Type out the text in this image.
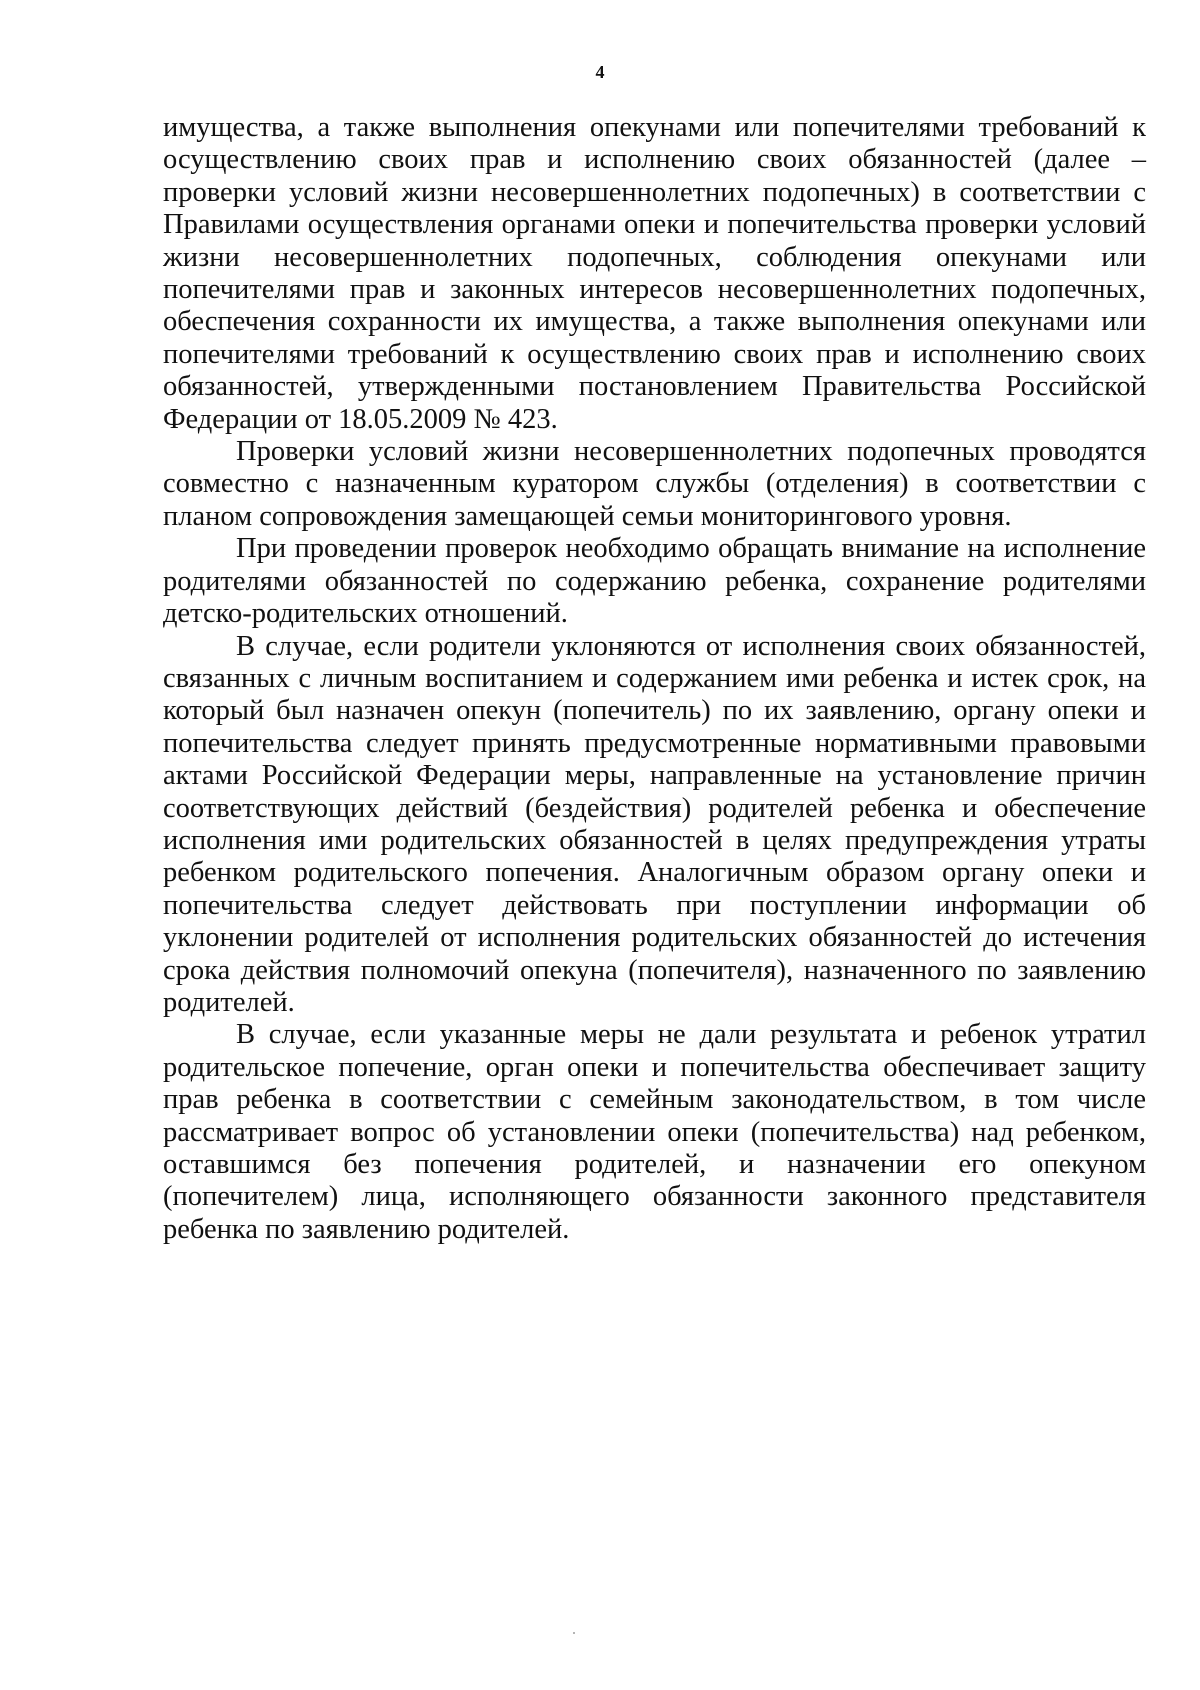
4

имущества, а также выполнения опекунами или попечителями требований к осуществлению своих прав и исполнению своих обязанностей (далее – проверки условий жизни несовершеннолетних подопечных) в соответствии с Правилами осуществления органами опеки и попечительства проверки условий жизни несовершеннолетних подопечных, соблюдения опекунами или попечителями прав и законных интересов несовершеннолетних подопечных, обеспечения сохранности их имущества, а также выполнения опекунами или попечителями требований к осуществлению своих прав и исполнению своих обязанностей, утвержденными постановлением Правительства Российской Федерации от 18.05.2009 № 423.

Проверки условий жизни несовершеннолетних подопечных проводятся совместно с назначенным куратором службы (отделения) в соответствии с планом сопровождения замещающей семьи мониторингового уровня.

При проведении проверок необходимо обращать внимание на исполнение родителями обязанностей по содержанию ребенка, сохранение родителями детско-родительских отношений.

В случае, если родители уклоняются от исполнения своих обязанностей, связанных с личным воспитанием и содержанием ими ребенка и истек срок, на который был назначен опекун (попечитель) по их заявлению, органу опеки и попечительства следует принять предусмотренные нормативными правовыми актами Российской Федерации меры, направленные на установление причин соответствующих действий (бездействия) родителей ребенка и обеспечение исполнения ими родительских обязанностей в целях предупреждения утраты ребенком родительского попечения. Аналогичным образом органу опеки и попечительства следует действовать при поступлении информации об уклонении родителей от исполнения родительских обязанностей до истечения срока действия полномочий опекуна (попечителя), назначенного по заявлению родителей.

В случае, если указанные меры не дали результата и ребенок утратил родительское попечение, орган опеки и попечительства обеспечивает защиту прав ребенка в соответствии с семейным законодательством, в том числе рассматривает вопрос об установлении опеки (попечительства) над ребенком, оставшимся без попечения родителей, и назначении его опекуном (попечителем) лица, исполняющего обязанности законного представителя ребенка по заявлению родителей.
